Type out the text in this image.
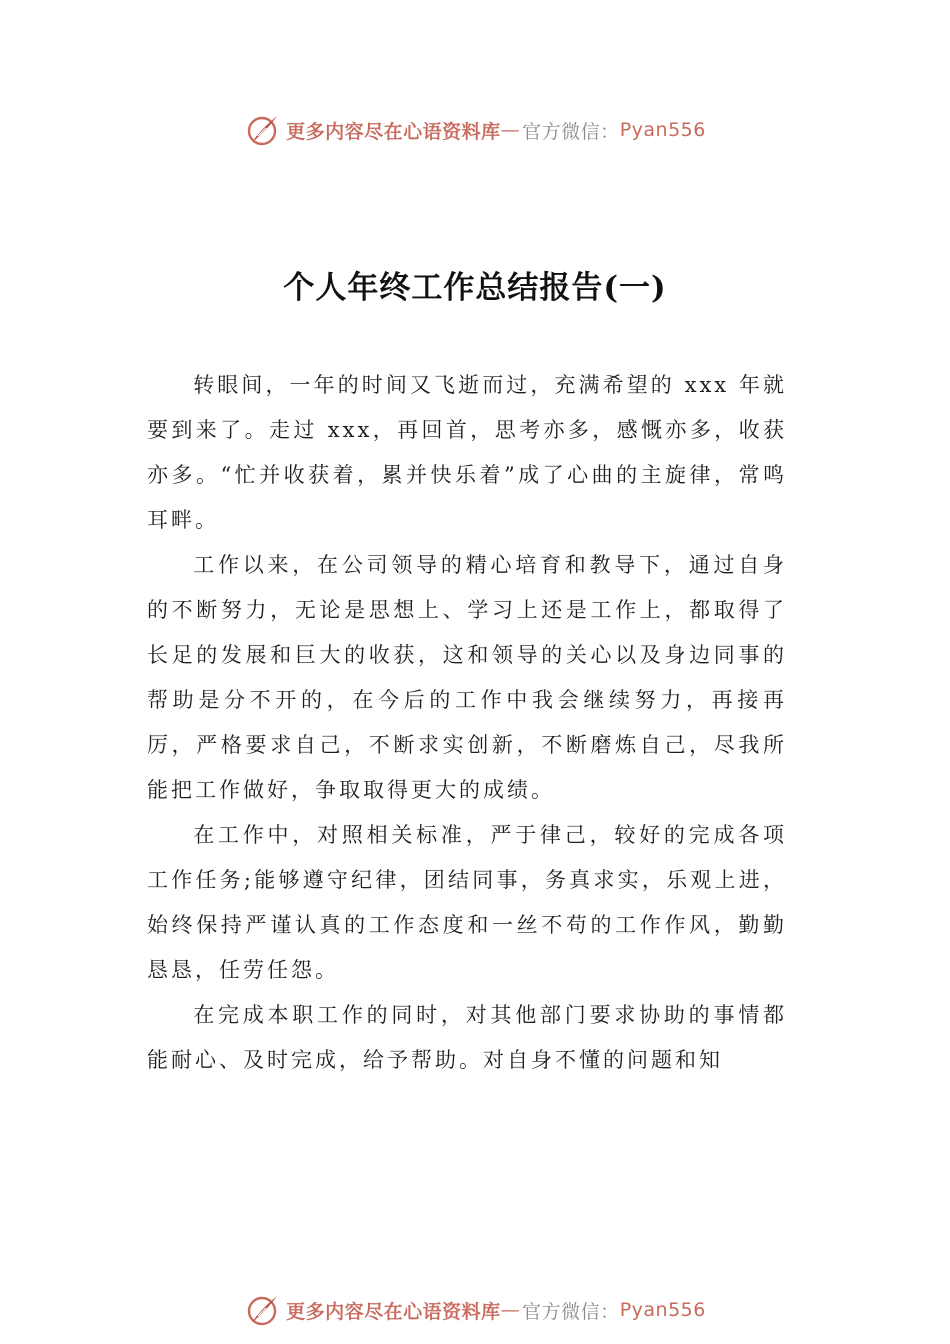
更多内容尽在心语资料库 — 官方微信： Pyan556
个人年终工作总结报告(一)

转眼间，一年的时间又飞逝而过，充满希望的 xxx 年就要到来了。走过 xxx，再回首，思考亦多，感慨亦多，收获亦多。“忙并收获着，累并快乐着”成了心曲的主旋律，常鸣耳畔。

工作以来，在公司领导的精心培育和教导下，通过自身的不断努力，无论是思想上、学习上还是工作上，都取得了长足的发展和巨大的收获，这和领导的关心以及身边同事的帮助是分不开的，在今后的工作中我会继续努力，再接再厉，严格要求自己，不断求实创新，不断磨炼自己，尽我所能把工作做好，争取取得更大的成绩。

在工作中，对照相关标准，严于律己，较好的完成各项工作任务;能够遵守纪律，团结同事，务真求实，乐观上进，始终保持严谨认真的工作态度和一丝不苟的工作作风，勤勤恳恳，任劳任怨。

在完成本职工作的同时，对其他部门要求协助的事情都能耐心、及时完成，给予帮助。对自身不懂的问题和知

更多内容尽在心语资料库 — 官方微信： Pyan556
